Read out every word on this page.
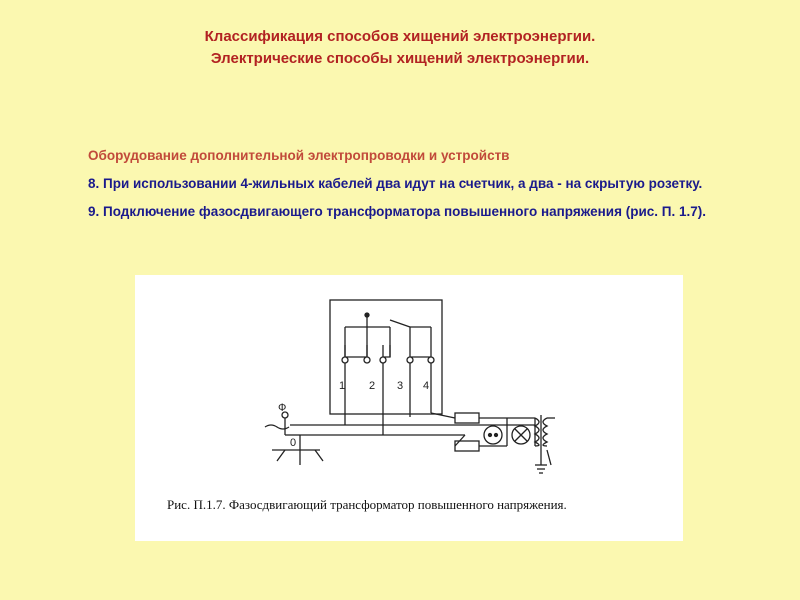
Классификация способов хищений электроэнергии.
Электрические способы хищений электроэнергии.
Оборудование дополнительной электропроводки и устройств
8. При использовании 4-жильных кабелей два идут на счетчик, а два - на скрытую розетку.
9. Подключение фазосдвигающего трансформатора повышенного напряжения (рис. П. 1.7).
1 2 3 4
Ф
0
Рис. П.1.7. Фазосдвигающий трансформатор повышенного напряжения.
